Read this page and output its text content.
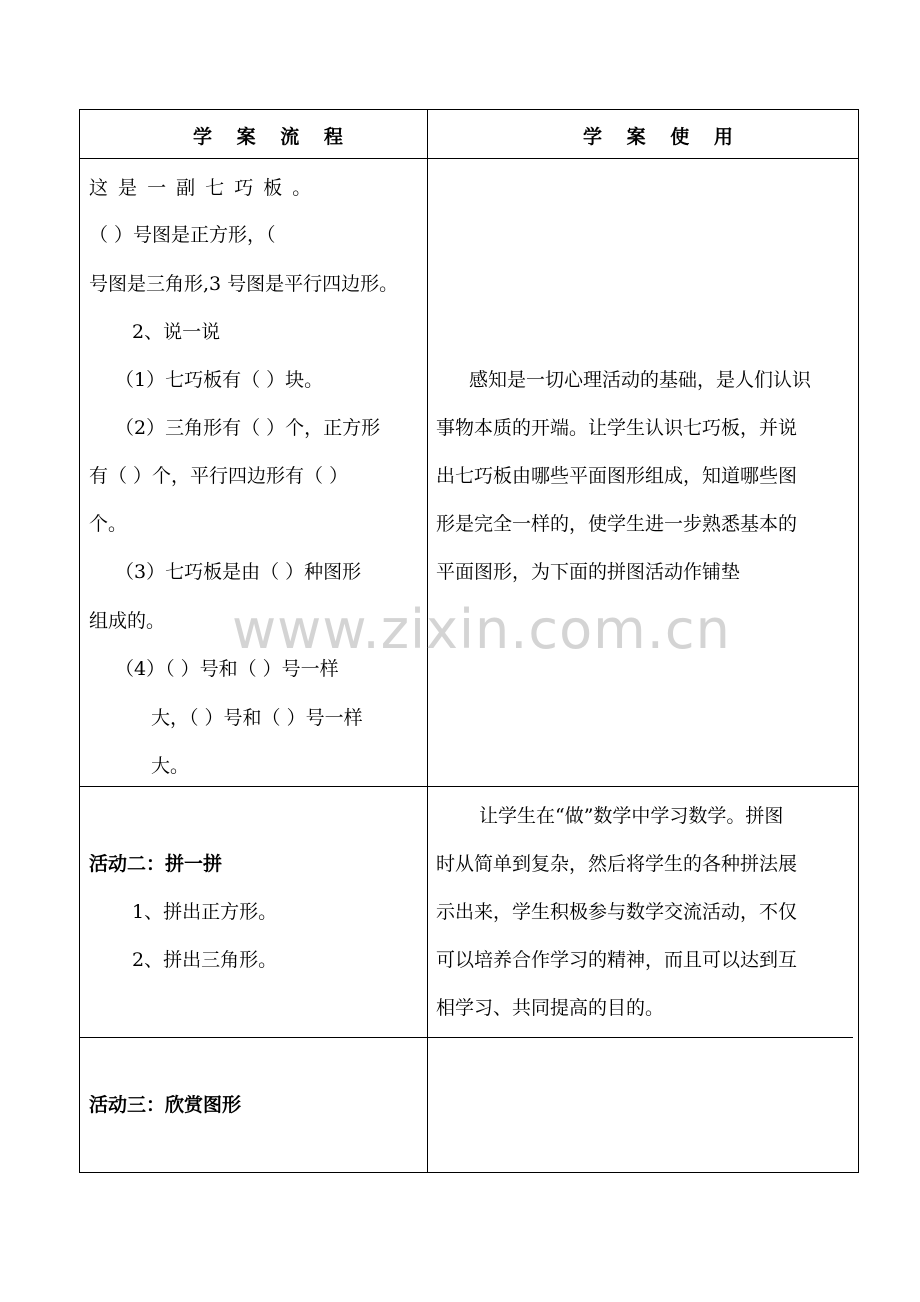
学 案 流 程	学 案 使 用
这 是 一 副 七 巧 板 。
（ ）号图是正方形，（
号图是三角形,3 号图是平行四边形。
2、说一说
（1）七巧板有（ ）块。
（2）三角形有（ ）个，正方形
有（ ）个，平行四边形有（ ）
个。
（3）七巧板是由（ ）种图形
组成的。
（4）（ ）号和（ ）号一样
大，（ ）号和（ ）号一样
大。
感知是一切心理活动的基础，是人们认识
事物本质的开端。让学生认识七巧板，并说
出七巧板由哪些平面图形组成，知道哪些图
形是完全一样的，使学生进一步熟悉基本的
平面图形，为下面的拼图活动作铺垫
活动二：拼一拼
1、拼出正方形。
2、拼出三角形。
让学生在“做”数学中学习数学。拼图
时从简单到复杂，然后将学生的各种拼法展
示出来，学生积极参与数学交流活动，不仅
可以培养合作学习的精神，而且可以达到互
相学习、共同提高的目的。
活动三：欣赏图形
www.zixin.com.cn
